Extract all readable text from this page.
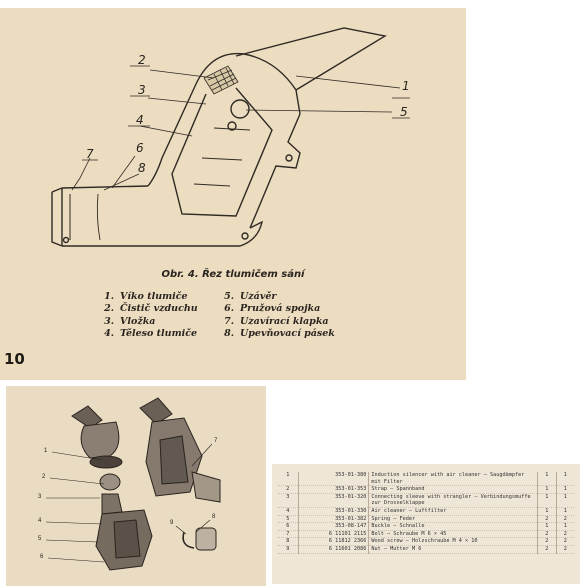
1
2
3
4
5
6
7
8
Obr. 4. Řez tlumičem sání
1. Víko tlumiče
2. Čistič vzduchu
3. Vložka
4. Těleso tlumiče
5. Uzávěr
6. Pružová spojka
7. Uzavírací klapka
8. Upevňovací pásek
10
1
2
3
4
5
6
7
8
9
1	353-01-380	Induction silencer with air cleaner — Saugdämpfer mit Filter	1	1
2	353-01-353	Strap — Spannband	1	1
3	353-01-320	Connecting sleeve with strangler — Verbindungsmuffe zur Drosselklappe	1	1
4	353-01-330	Air cleaner — Luftfilter	1	1
5	353-01-382	Spring — Feder	2	2
6	353-08-147	Buckle — Schnalle	1	1
7	6 11101 2115	Bolt — Schraube M 6 × 45	2	2
8	6 11812 2366	Wood screw — Holzschraube M 4 × 10	2	2
9	6 11601 2086	Nut — Mutter M 6	2	2
